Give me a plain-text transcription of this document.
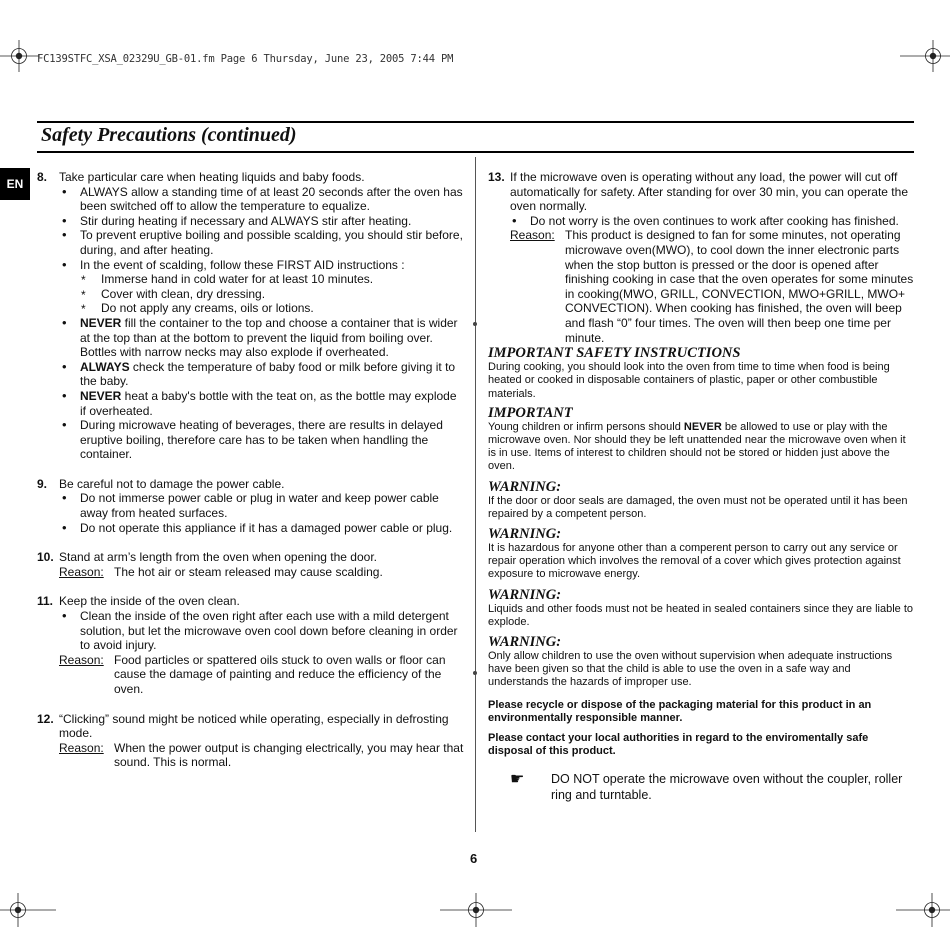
FC139STFC_XSA_02329U_GB-01.fm Page 6 Thursday, June 23, 2005 7:44 PM
Safety Precautions (continued)
EN	8. Take particular care when heating liquids and baby foods.
• ALWAYS allow a standing time of at least 20 seconds after the oven has been switched off to allow the temperature to equalize.
• Stir during heating if necessary and ALWAYS stir after heating.
• To prevent eruptive boiling and possible scalding, you should stir before, during, and after heating.
• In the event of scalding, follow these FIRST AID instructions :
* Immerse hand in cold water for at least 10 minutes.
* Cover with clean, dry dressing.
* Do not apply any creams, oils or lotions.
• NEVER fill the container to the top and choose a container that is wider at the top than at the bottom to prevent the liquid from boiling over. Bottles with narrow necks may also explode if overheated.
• ALWAYS check the temperature of baby food or milk before giving it to the baby.
• NEVER heat a baby's bottle with the teat on, as the bottle may explode if overheated.
• During microwave heating of beverages, there are results in delayed eruptive boiling, therefore care has to be taken when handling the container.
9. Be careful not to damage the power cable.
• Do not immerse power cable or plug in water and keep power cable away from heated surfaces.
• Do not operate this appliance if it has a damaged power cable or plug.
10. Stand at arm’s length from the oven when opening the door.
Reason: The hot air or steam released may cause scalding.
11. Keep the inside of the oven clean.
• Clean the inside of the oven right after each use with a mild detergent solution, but let the microwave oven cool down before cleaning in order to avoid injury.
Reason: Food particles or spattered oils stuck to oven walls or floor can cause the damage of painting and reduce the efficiency of the oven.
12. “Clicking” sound might be noticed while operating, especially in defrosting mode.
Reason: When the power output is changing electrically, you may hear that sound. This is normal.
13. If the microwave oven is operating without any load, the power will cut off automatically for safety. After standing for over 30 min, you can operate the oven normally.
• Do not worry is the oven continues to work after cooking has finished.
Reason: This product is designed to fan for some minutes, not operating microwave oven(MWO), to cool down the inner electronic parts when the stop button is pressed or the door is opened after finishing cooking in case that the oven operates for some minutes in cooking(MWO, GRILL, CONVECTION, MWO+GRILL, MWO+ CONVECTION). When cooking has finished, the oven will beep and flash “0” four times. The oven will then beep one time per minute.
IMPORTANT SAFETY INSTRUCTIONS
During cooking, you should look into the oven from time to time when food is being heated or cooked in disposable containers of plastic, paper or other combustible materials.
IMPORTANT
Young children or infirm persons should NEVER be allowed to use or play with the microwave oven. Nor should they be left unattended near the microwave oven when it is in use. Items of interest to children should not be stored or hidden just above the oven.
WARNING:
If the door or door seals are damaged, the oven must not be operated until it has been repaired by a competent person.
WARNING:
It is hazardous for anyone other than a comperent person to carry out any service or repair operation which involves the removal of a cover which gives protection against exposure to microwave energy.
WARNING:
Liquids and other foods must not be heated in sealed containers since they are liable to explode.
WARNING:
Only allow children to use the oven without supervision when adequate instructions have been given so that the child is able to use the oven in a safe way and understands the hazards of improper use.
Please recycle or dispose of the packaging material for this product in an environmentally responsible manner.
Please contact your local authorities in regard to the enviromentally safe disposal of this product.
☛	DO NOT operate the microwave oven without the coupler, roller ring and turntable.
6
